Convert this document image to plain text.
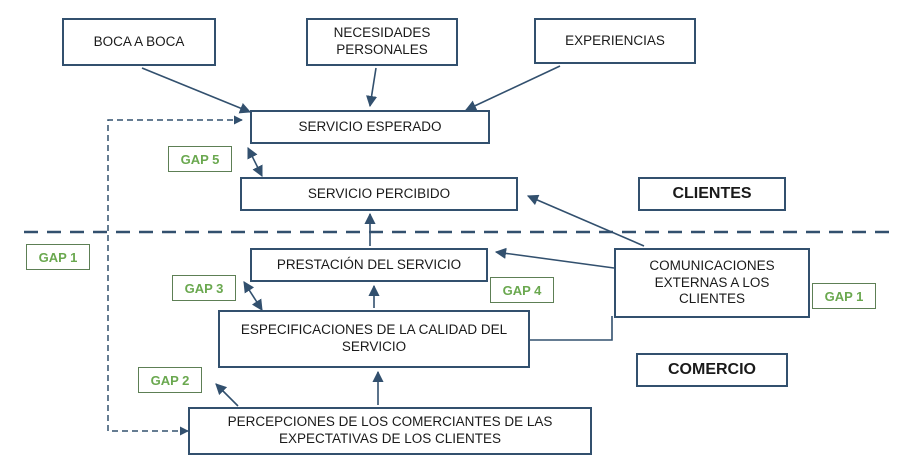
BOCA A BOCA
NECESIDADES PERSONALES
EXPERIENCIAS
SERVICIO ESPERADO
SERVICIO PERCIBIDO	CLIENTES
PRESTACIÓN DEL SERVICIO	COMUNICACIONES EXTERNAS A LOS CLIENTES
ESPECIFICACIONES DE LA CALIDAD DEL SERVICIO
COMERCIO
PERCEPCIONES DE LOS COMERCIANTES DE LAS EXPECTATIVAS DE LOS CLIENTES
GAP 5
GAP 1
GAP 3	GAP 4	GAP 1
GAP 2
